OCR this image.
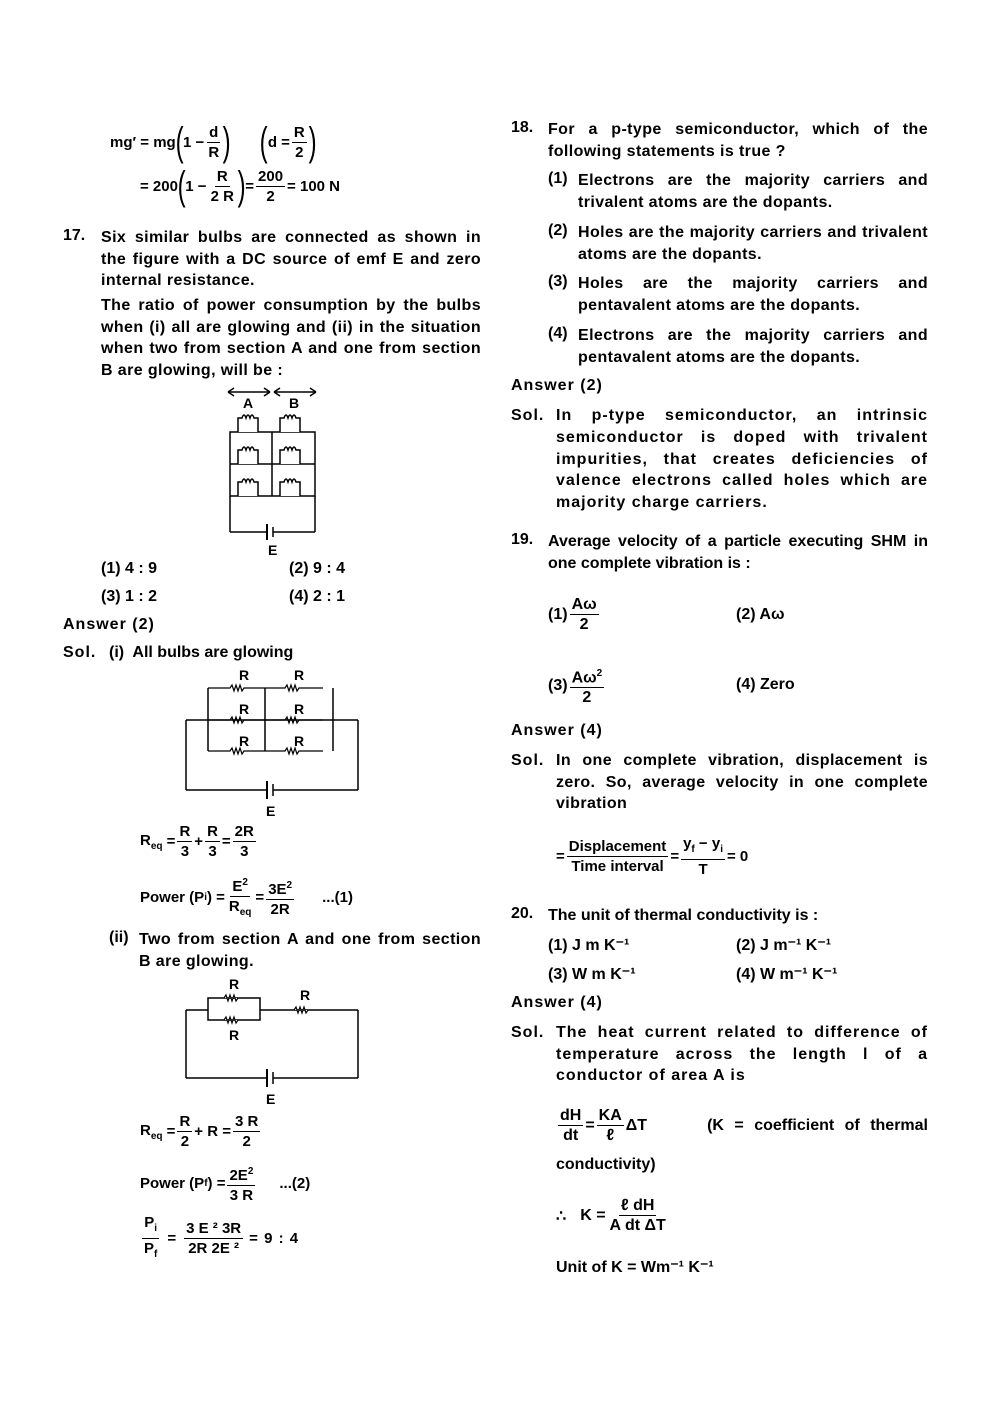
mg′ = mg ( $1 - \frac{d}{R}$ ) ( $d = \frac{R}{2}$ )
= 200 ( $1 - \frac{R}{2 R}$ ) = $\frac{200}{2} = 100$ N
17. Six similar bulbs are connected as shown in the figure with a DC source of emf E and zero internal resistance.
The ratio of power consumption by the bulbs when (i) all are glowing and (ii) in the situation when two from section A and one from section B are glowing, will be :
A	B
E
(1) 4 : 9	(2) 9 : 4
(3) 1 : 2	(4) 2 : 1
Answer (2)
Sol. (i)  All bulbs are glowing
R	R
R	R
R	R
E
$R_{eq} = \frac{R}{3} + \frac{R}{3} = \frac{2R}{3}$
Power (P i ) = $\frac{E^2}{R_{eq}} = \frac{3E^2}{2R} ...(1)$
(ii) Two from section A and one from section B are glowing.
R
R
R
E
$R_{eq} = \frac{R}{2} + R = \frac{3 R}{2}$
Power (P f ) = $\frac{2E^2}{3 R} ...(2)$
$\frac{P_i}{P_f} = \frac{\text{3 E ² 3R}}{\text{2R 2E ²}} = 9$ : 4
18. For a p-type semiconductor, which of the following statements is true ?
(1) Electrons are the majority carriers and trivalent atoms are the dopants.
(2) Holes are the majority carriers and trivalent atoms are the dopants.
(3) Holes are the majority carriers and pentavalent atoms are the dopants.
(4) Electrons are the majority carriers and pentavalent atoms are the dopants.
Answer (2)
Sol. In p-type semiconductor, an intrinsic semiconductor is doped with trivalent impurities, that creates deficiencies of valence electrons called holes which are majority charge carriers.
19. Average velocity of a particle executing SHM in one complete vibration is :
$(1) \frac{A\omega}{2}$	(2) Aω
$(3) \frac{A\omega^2}{2}$	(4) Zero
Answer (4)
Sol. In one complete vibration, displacement is zero. So, average velocity in one complete vibration
= $\frac{\text{Displacement}}{\text{Time interval}} = \frac{y_f - y_i}{T} = 0$
20. The unit of thermal conductivity is :
(1) J m K⁻¹	(2) J m⁻¹ K⁻¹
(3) W m K⁻¹	(4) W m⁻¹ K⁻¹
Answer (4)
Sol. The heat current related to difference of temperature across the length l of a conductor of area A is
$\frac{dH}{dt} = \frac{KA}{\text{ℓ}}$ ΔT	(K = coefficient of thermal
conductivity)
∴ $K = \frac{\text{ℓ dH}}{\text{A dt ΔT}}$
Unit of K = Wm⁻¹ K⁻¹
